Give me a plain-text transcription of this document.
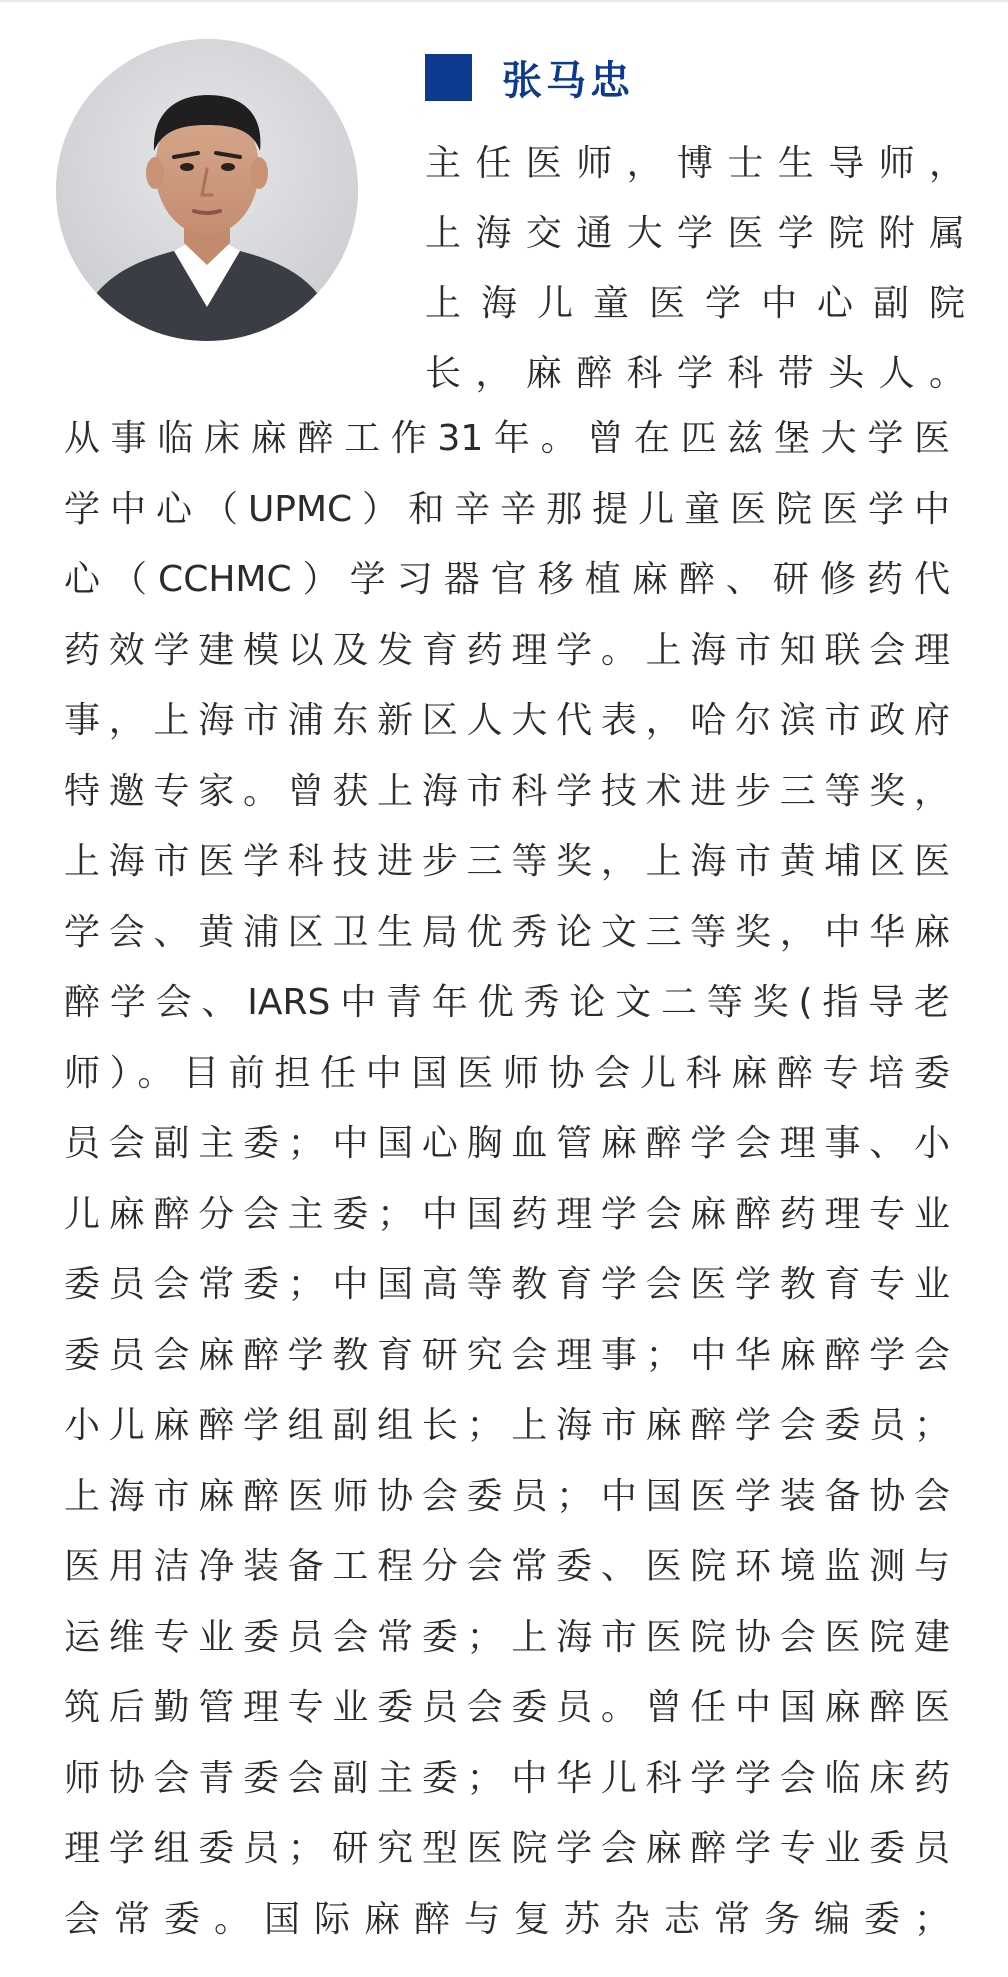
张马忠
主任医师，博士生导师，
上海交通大学医学院附属
上海儿童医学中心副院
长，麻醉科学科带头人。
从事临床麻醉工作31年。曾在匹兹堡大学医
学中心（UPMC）和辛辛那提儿童医院医学中
心（CCHMC）学习器官移植麻醉、研修药代
药效学建模以及发育药理学。上海市知联会理
事，上海市浦东新区人大代表，哈尔滨市政府
特邀专家。曾获上海市科学技术进步三等奖，
上海市医学科技进步三等奖，上海市黄埔区医
学会、黄浦区卫生局优秀论文三等奖，中华麻
醉学会、IARS中青年优秀论文二等奖(指导老
师）。目前担任中国医师协会儿科麻醉专培委
员会副主委；中国心胸血管麻醉学会理事、小
儿麻醉分会主委；中国药理学会麻醉药理专业
委员会常委；中国高等教育学会医学教育专业
委员会麻醉学教育研究会理事；中华麻醉学会
小儿麻醉学组副组长；上海市麻醉学会委员；
上海市麻醉医师协会委员；中国医学装备协会
医用洁净装备工程分会常委、医院环境监测与
运维专业委员会常委；上海市医院协会医院建
筑后勤管理专业委员会委员。曾任中国麻醉医
师协会青委会副主委；中华儿科学学会临床药
理学组委员；研究型医院学会麻醉学专业委员
会常委。国际麻醉与复苏杂志常务编委；
